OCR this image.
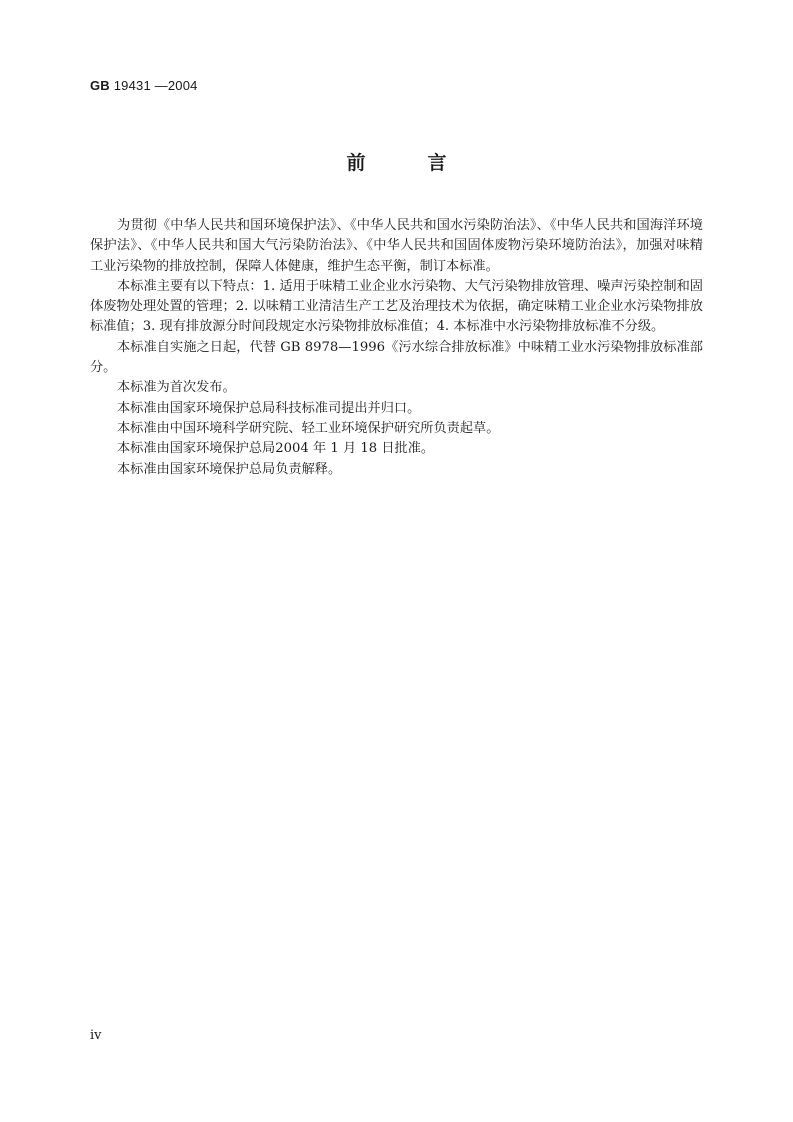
GB 19431 —2004
前言

为贯彻《中华人民共和国环境保护法》、《中华人民共和国水污染防治法》、《中华人民共和国海洋环境保护法》、《中华人民共和国大气污染防治法》、《中华人民共和国固体废物污染环境防治法》，加强对味精工业污染物的排放控制，保障人体健康，维护生态平衡，制订本标准。

本标准主要有以下特点：1. 适用于味精工业企业水污染物、大气污染物排放管理、噪声污染控制和固体废物处理处置的管理；2. 以味精工业清洁生产工艺及治理技术为依据，确定味精工业企业水污染物排放标准值；3. 现有排放源分时间段规定水污染物排放标准值；4. 本标准中水污染物排放标准不分级。

本标准自实施之日起，代替 GB 8978—1996《污水综合排放标准》中味精工业水污染物排放标准部分。

本标准为首次发布。

本标准由国家环境保护总局科技标准司提出并归口。

本标准由中国环境科学研究院、轻工业环境保护研究所负责起草。

本标准由国家环境保护总局2004 年 1 月 18 日批准。

本标准由国家环境保护总局负责解释。

iv
